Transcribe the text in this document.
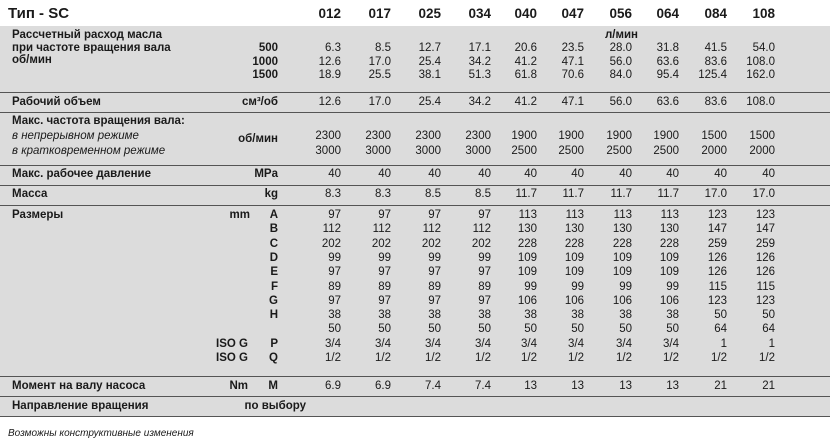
Тип - SC
Возможны конструктивные изменения
012	017	025	034	040	047	056	064	084	108
Рассчетный расход масла
при частоте вращения вала
об/мин
л/мин
500	6.3	8.5	12.7	17.1	20.6	23.5	28.0	31.8	41.5	54.0
1000	12.6	17.0	25.4	34.2	41.2	47.1	56.0	63.6	83.6	108.0
1500	18.9	25.5	38.1	51.3	61.8	70.6	84.0	95.4	125.4	162.0
Рабочий объем	см³/об	12.6	17.0	25.4	34.2	41.2	47.1	56.0	63.6	83.6	108.0
Макс. частота вращения вала:
в непрерывном режиме
в кратковременном режиме
об/мин	2300	2300	2300	2300	1900	1900	1900	1900	1500	1500
3000	3000	3000	3000	2500	2500	2500	2500	2000	2000
Макс. рабочее давление	MPa	40	40	40	40	40	40	40	40	40	40
Масса	kg	8.3	8.3	8.5	8.5	11.7	11.7	11.7	11.7	17.0	17.0
Размеры	mm	A	97	97	97	97	113	113	113	113	123	123
B	112	112	112	112	130	130	130	130	147	147
C	202	202	202	202	228	228	228	228	259	259
D	99	99	99	99	109	109	109	109	126	126
E	97	97	97	97	109	109	109	109	126	126
F	89	89	89	89	99	99	99	99	115	115
G	97	97	97	97	106	106	106	106	123	123
H	38	38	38	38	38	38	38	38	50	50
50	50	50	50	50	50	50	50	64	64
ISO G	P	3/4	3/4	3/4	3/4	3/4	3/4	3/4	3/4	1	1
ISO G	Q	1/2	1/2	1/2	1/2	1/2	1/2	1/2	1/2	1/2	1/2
Момент на валу насоса	Nm	M	6.9	6.9	7.4	7.4	13	13	13	13	21	21
Направление вращения	по выбору
